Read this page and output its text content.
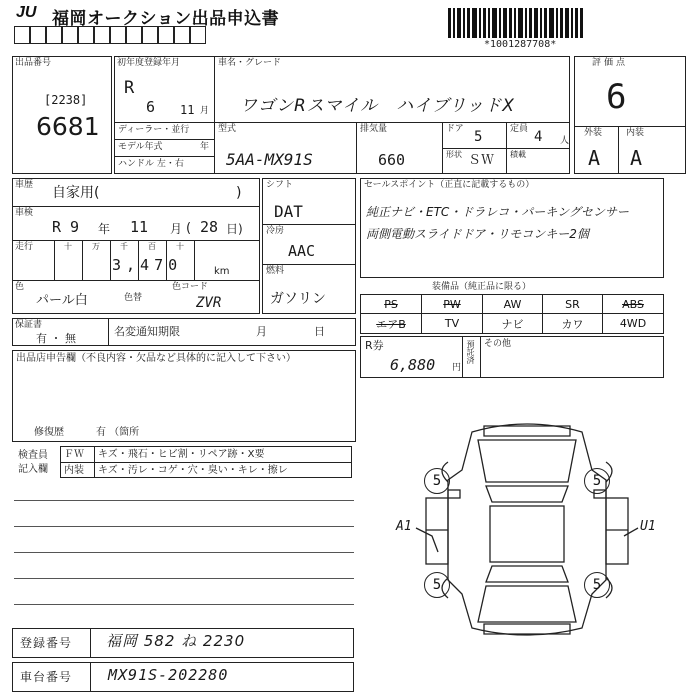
JU 福岡オークション出品申込書
*1001287708*
出品番号
[2238]
6681
初年度登録年月
R
6 11 月
車名・グレード
ワゴンRスマイル　ハイブリッドX
ディーラー・並行
モデル年式	年
ハンドル 左・右
型式
5AA-MX91S
排気量
660
ドア 5	定員 4 人
形状 ＳＷ 積載
評価点
6
外装	内装
A A
車歴 自家用(	)
車検
R 9 年 11 月 ( 28 日)
走行	十	万	千	百	十
3,470	km
色
パール白	色替
色コード
ZVR
シフト
DAT
冷房
AAC
燃料
ガソリン
セールスポイント（正直に記載するもの）
純正ナビ・ETC・ドラレコ・パーキングセンサー
両側電動スライドドア・リモコンキー2個
装備品（純正品に限る）
PS	PW	AW	SR	ABS
エアB	TV	ナビ	カワ	4WD
保証書
有 ・ 無
名変通知期限	月	日
R券
6,880 円
預託済 その他
出品店申告欄（不良内容・欠品など具体的に記入して下さい）
修復歴	有 （箇所
検査員
記入欄
ＦＷ キズ・飛石・ヒビ割・リペア跡・X要
内装 キズ・汚レ・コゲ・穴・臭い・キレ・擦レ
5	5
5	5
A1	U1
登録番号 福岡 582 ね 2230
車台番号 MX91S-202280
